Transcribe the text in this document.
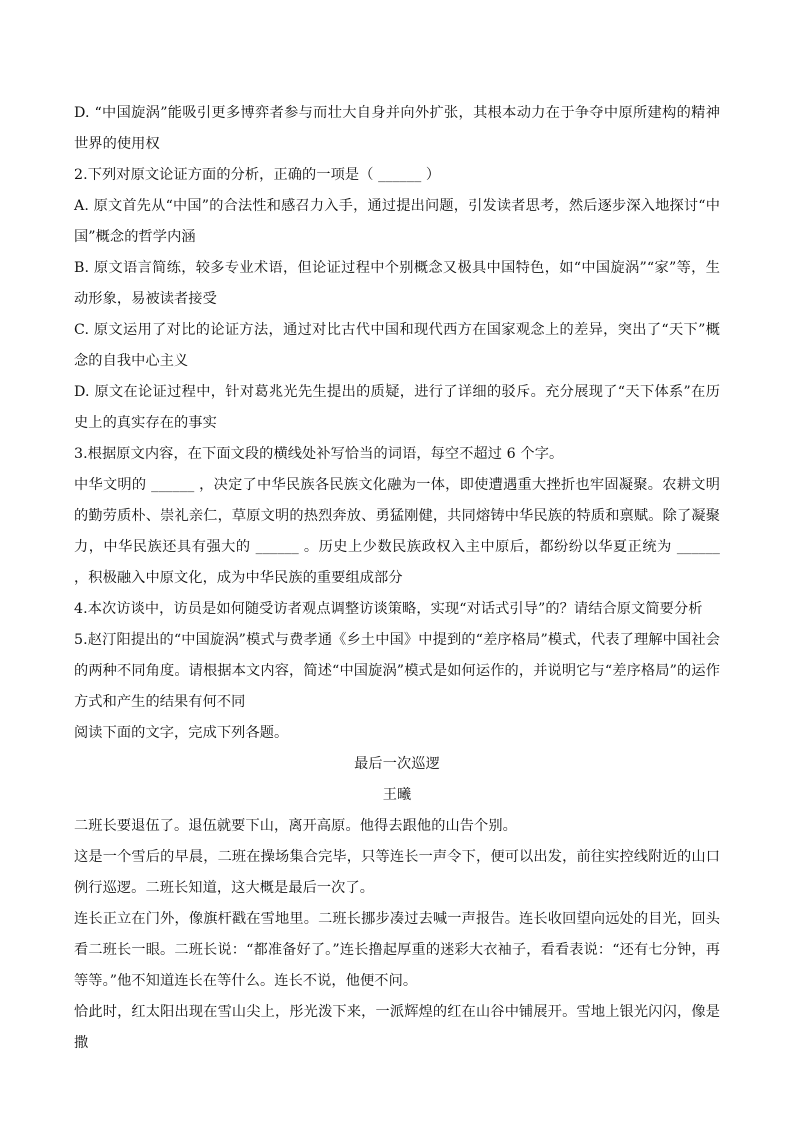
D. “中国旋涡”能吸引更多博弈者参与而壮大自身并向外扩张，其根本动力在于争夺中原所建构的精神世界的使用权

2.下列对原文论证方面的分析，正确的一项是（ ______ ）

A. 原文首先从“中国”的合法性和感召力入手，通过提出问题，引发读者思考，然后逐步深入地探讨“中国”概念的哲学内涵

B. 原文语言简练，较多专业术语，但论证过程中个别概念又极具中国特色，如“中国旋涡”“家”等，生动形象，易被读者接受

C. 原文运用了对比的论证方法，通过对比古代中国和现代西方在国家观念上的差异，突出了“天下”概念的自我中心主义

D. 原文在论证过程中，针对葛兆光先生提出的质疑，进行了详细的驳斥。充分展现了“天下体系”在历史上的真实存在的事实

3.根据原文内容，在下面文段的横线处补写恰当的词语，每空不超过 6 个字。

中华文明的 ______ ，决定了中华民族各民族文化融为一体，即使遭遇重大挫折也牢固凝聚。农耕文明的勤劳质朴、崇礼亲仁，草原文明的热烈奔放、勇猛刚健，共同熔铸中华民族的特质和禀赋。除了凝聚力，中华民族还具有强大的 ______ 。历史上少数民族政权入主中原后，都纷纷以华夏正统为 ______ ，积极融入中原文化，成为中华民族的重要组成部分

4.本次访谈中，访员是如何随受访者观点调整访谈策略，实现“对话式引导”的？请结合原文简要分析

5.赵汀阳提出的“中国旋涡”模式与费孝通《乡土中国》中提到的“差序格局”模式，代表了理解中国社会的两种不同角度。请根据本文内容，简述“中国旋涡”模式是如何运作的，并说明它与“差序格局”的运作方式和产生的结果有何不同

阅读下面的文字，完成下列各题。

最后一次巡逻

王曦

二班长要退伍了。退伍就要下山，离开高原。他得去跟他的山告个别。

这是一个雪后的早晨，二班在操场集合完毕，只等连长一声令下，便可以出发，前往实控线附近的山口例行巡逻。二班长知道，这大概是最后一次了。

连长正立在门外，像旗杆戳在雪地里。二班长挪步凑过去喊一声报告。连长收回望向远处的目光，回头看二班长一眼。二班长说：“都准备好了。”连长撸起厚重的迷彩大衣袖子，看看表说：“还有七分钟，再等等。”他不知道连长在等什么。连长不说，他便不问。

恰此时，红太阳出现在雪山尖上，彤光泼下来，一派辉煌的红在山谷中铺展开。雪地上银光闪闪，像是撒
